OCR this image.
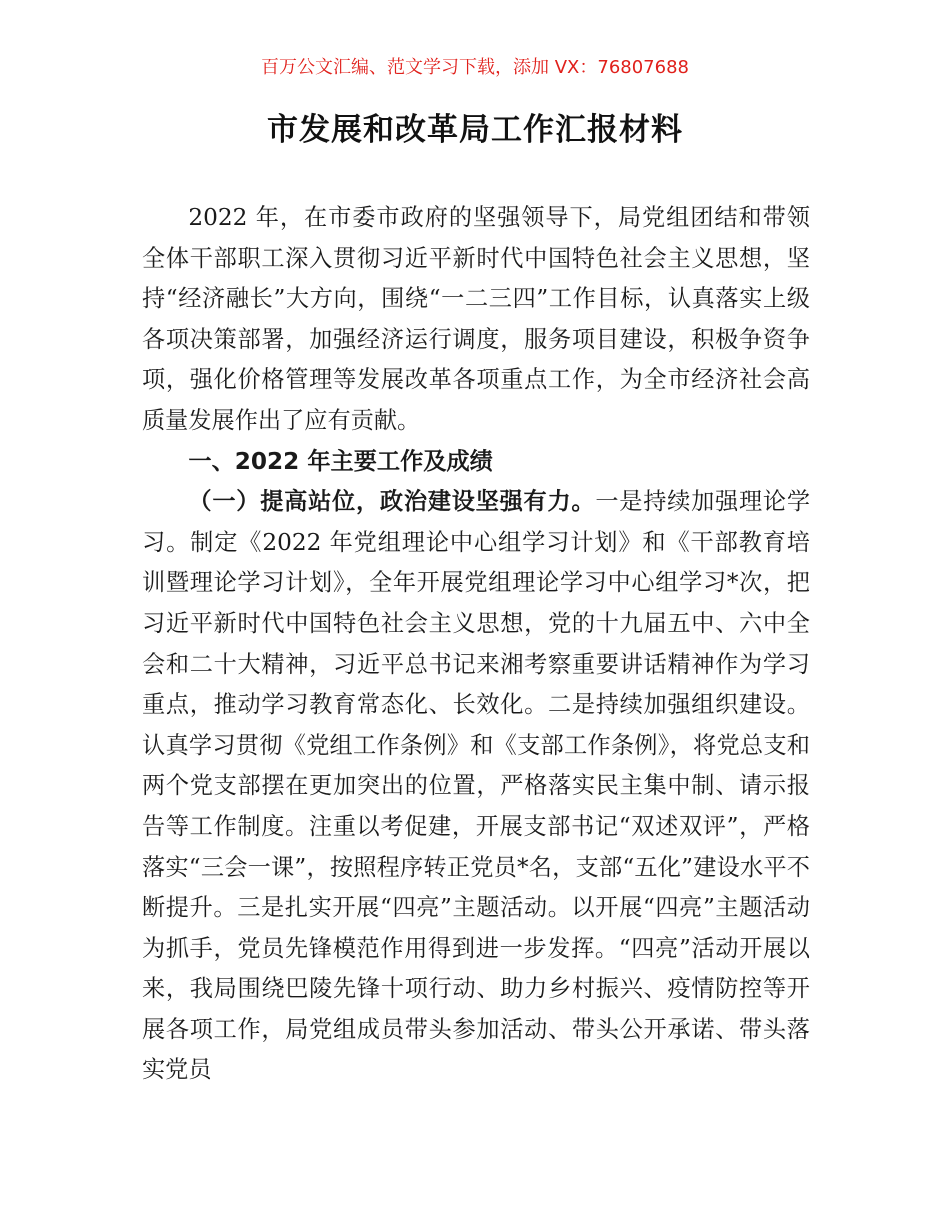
百万公文汇编、范文学习下载，添加 VX：76807688
市发展和改革局工作汇报材料

2022 年，在市委市政府的坚强领导下，局党组团结和带领全体干部职工深入贯彻习近平新时代中国特色社会主义思想，坚持“经济融长”大方向，围绕“一二三四”工作目标，认真落实上级各项决策部署，加强经济运行调度，服务项目建设，积极争资争项，强化价格管理等发展改革各项重点工作，为全市经济社会高质量发展作出了应有贡献。

一、2022 年主要工作及成绩

（一）提高站位，政治建设坚强有力。一是持续加强理论学习。制定《2022 年党组理论中心组学习计划》和《干部教育培训暨理论学习计划》，全年开展党组理论学习中心组学习*次，把习近平新时代中国特色社会主义思想，党的十九届五中、六中全会和二十大精神，习近平总书记来湘考察重要讲话精神作为学习重点，推动学习教育常态化、长效化。二是持续加强组织建设。认真学习贯彻《党组工作条例》和《支部工作条例》，将党总支和两个党支部摆在更加突出的位置，严格落实民主集中制、请示报告等工作制度。注重以考促建，开展支部书记“双述双评”，严格落实“三会一课”，按照程序转正党员*名，支部“五化”建设水平不断提升。三是扎实开展“四亮”主题活动。以开展“四亮”主题活动为抓手，党员先锋模范作用得到进一步发挥。“四亮”活动开展以来，我局围绕巴陵先锋十项行动、助力乡村振兴、疫情防控等开展各项工作，局党组成员带头参加活动、带头公开承诺、带头落实党员
